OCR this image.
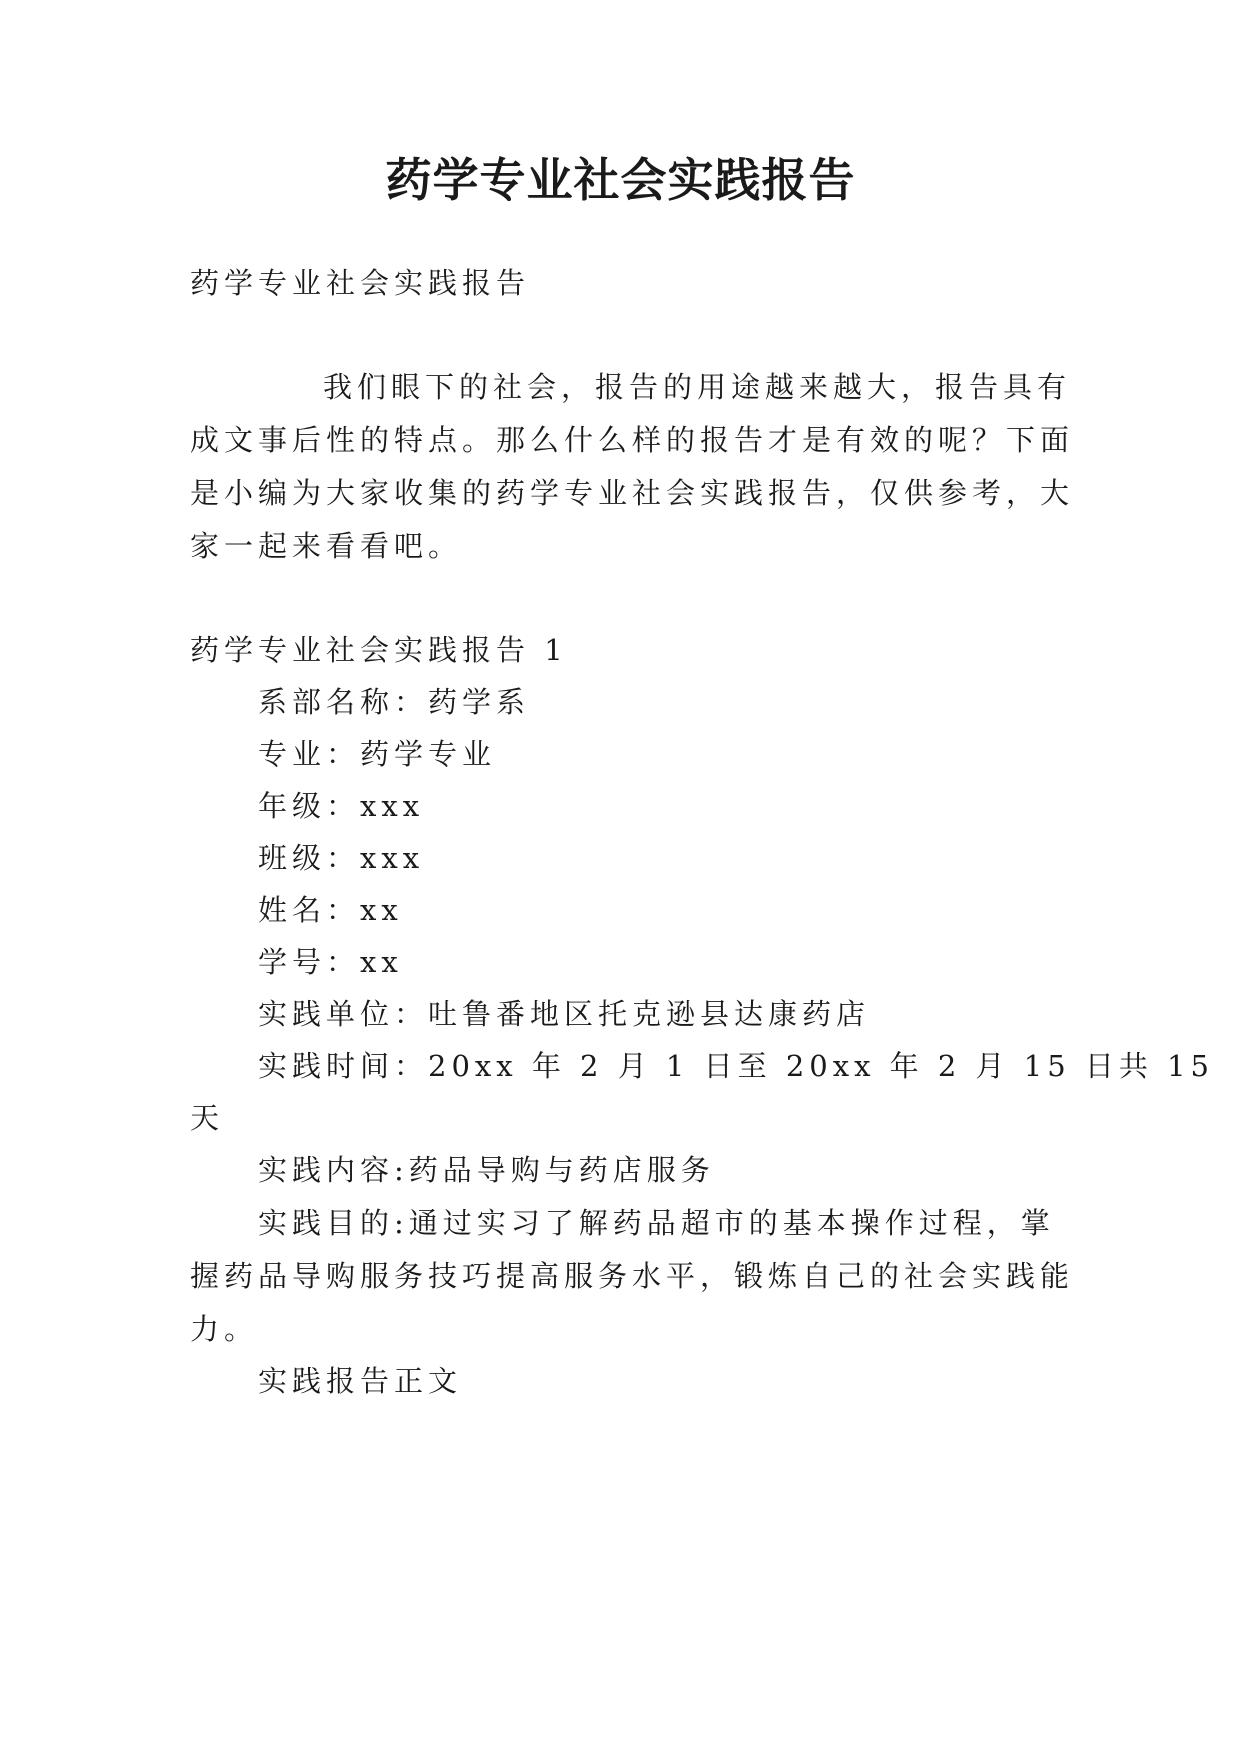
药学专业社会实践报告
药学专业社会实践报告
我们眼下的社会，报告的用途越来越大，报告具有
成文事后性的特点。那么什么样的报告才是有效的呢？下面
是小编为大家收集的药学专业社会实践报告，仅供参考，大
家一起来看看吧。
药学专业社会实践报告 1
系部名称：药学系
专业：药学专业
年级：xxx
班级：xxx
姓名：xx
学号：xx
实践单位：吐鲁番地区托克逊县达康药店
实践时间：20xx 年 2 月 1 日至 20xx 年 2 月 15 日共 15
天
实践内容:药品导购与药店服务
实践目的:通过实习了解药品超市的基本操作过程，掌
握药品导购服务技巧提高服务水平，锻炼自己的社会实践能
力。
实践报告正文
